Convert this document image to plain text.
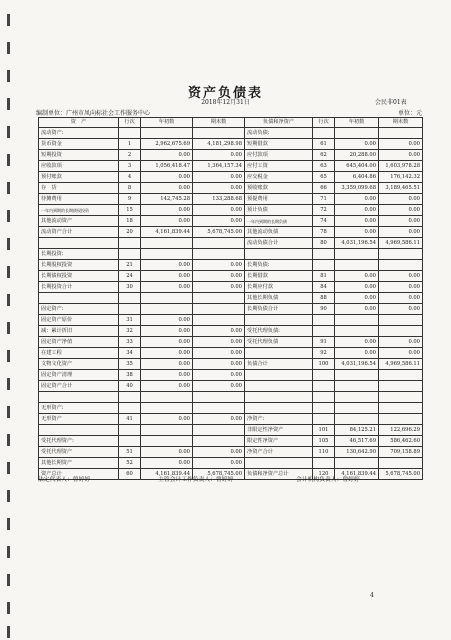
资产负债表
2018年12月31日	会民非01表
编制单位：广州市凤向标社会工作服务中心	单位：元
资　产	行次	年初数	期末数	负债和净资产	行次	年初数	期末数
流动资产:				流动负债:			
货币资金	1	2,962,675.69	4,181,298.98	短期借款	61	0.00	0.00
短期投资	2	0.00	0.00	应付款项	62	20,288.00	0.00
应收款项	3	1,056,418.47	1,364,157.34	应付工资	63	645,404.00	1,603,978.28
预付账款	4	0.00	0.00	应交税金	65	6,404.86	176,142.32
存　货	8	0.00	0.00	预收账款	66	3,359,099.68	3,189,465.51
待摊费用	9	142,745.28	133,288.68	预提费用	71	0.00	0.00
一年内到期的长期债权投资	15	0.00	0.00	预计负债	72	0.00	0.00
其他流动资产	18	0.00	0.00	一年内到期的长期负债	74	0.00	0.00
流动资产合计	20	4,161,839.44	5,678,745.00	其他流动负债	78	0.00	0.00
				流动负债合计	80	4,031,196.54	4,969,586.11
长期投资:							
长期股权投资	21	0.00	0.00	长期负债:			
长期债权投资	24	0.00	0.00	长期借款	81	0.00	0.00
长期投资合计	30	0.00	0.00	长期应付款	84	0.00	0.00
				其他长期负债	88	0.00	0.00
固定资产:				长期负债合计	90	0.00	0.00
固定资产原价	31	0.00					
减：累计折旧	32	0.00	0.00	受托代理负债:			
固定资产净值	33	0.00	0.00	受托代理负债	91	0.00	0.00
在建工程	34	0.00	0.00		92	0.00	0.00
文物文化资产	35	0.00	0.00	负债合计	100	4,031,196.54	4,969,586.11
固定资产清理	38	0.00	0.00				
固定资产合计	40	0.00	0.00				

无形资产:							
无形资产	41	0.00	0.00	净资产:			
				非限定性净资产	101	84,125.21	122,696.29
受托代理资产:				限定性净资产	105	46,517.69	586,462.60
受托代理资产	51	0.00	0.00	净资产合计	110	130,642.90	709,158.89
其他长期资产	52	0.00	0.00				
资产总计	60	4,161,839.44	5,678,745.00	负债和净资产总计	120	4,161,839.44	5,678,745.00
法定代表人：曾婷婷	主管会计工作负责人：曾婷婷	会计机构负责人：曾婷婷
4
